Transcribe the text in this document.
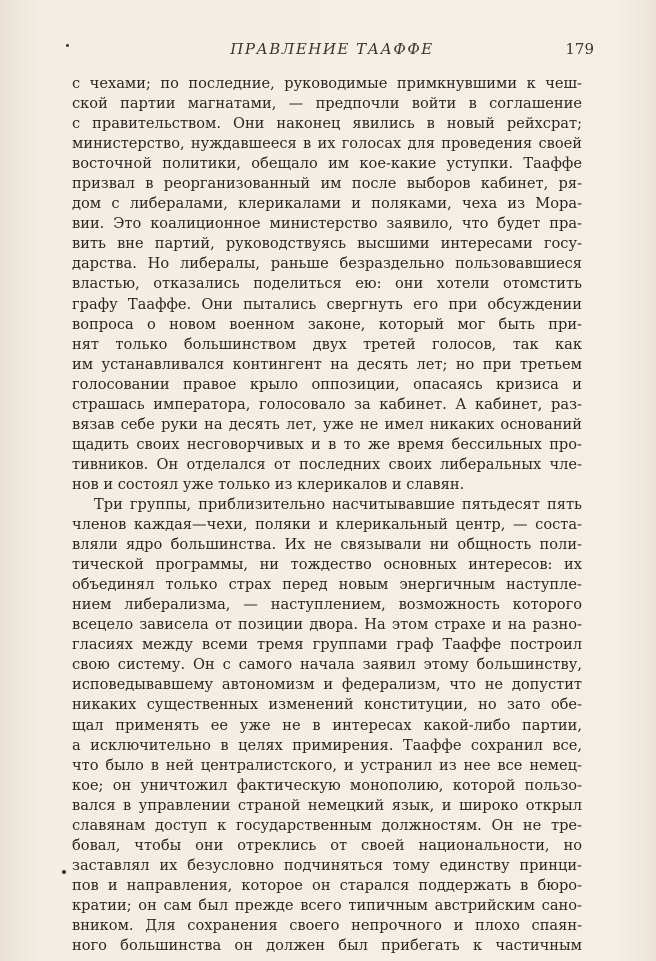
ПРАВЛЕНИЕ ТААФФЕ	179
с чехами; по последние, руководимые примкнувшими к чеш-
ской партии магнатами, — предпочли войти в соглашение
с правительством. Они наконец явились в новый рейхсрат;
министерство, нуждавшееся в их голосах для проведения своей
восточной политики, обещало им кое-какие уступки. Тааффе
призвал в реорганизованный им после выборов кабинет, ря-
дом с либералами, клерикалами и поляками, чеха из Мора-
вии. Это коалиционное министерство заявило, что будет пра-
вить вне партий, руководствуясь высшими интересами госу-
дарства. Но либералы, раньше безраздельно пользовавшиеся
властью, отказались поделиться ею: они хотели отомстить
графу Тааффе. Они пытались свергнуть его при обсуждении
вопроса о новом военном законе, который мог быть при-
нят только большинством двух третей голосов, так как
им устанавливался контингент на десять лет; но при третьем
голосовании правое крыло оппозиции, опасаясь кризиса и
страшась императора, голосовало за кабинет. А кабинет, раз-
вязав себе руки на десять лет, уже не имел никаких оснований
щадить своих несговорчивых и в то же время бессильных про-
тивников. Он отделался от последних своих либеральных чле-
нов и состоял уже только из клерикалов и славян.
Три группы, приблизительно насчитывавшие пятьдесят пять
членов каждая—чехи, поляки и клерикальный центр, — соста-
вляли ядро большинства. Их не связывали ни общность поли-
тической программы, ни тождество основных интересов: их
объединял только страх перед новым энергичным наступле-
нием либерализма, — наступлением, возможность которого
всецело зависела от позиции двора. На этом страхе и на разно-
гласиях между всеми тремя группами граф Тааффе построил
свою систему. Он с самого начала заявил этому большинству,
исповедывавшему автономизм и федерализм, что не допустит
никаких существенных изменений конституции, но зато обе-
щал применять ее уже не в интересах какой-либо партии,
а исключительно в целях примирения. Тааффе сохранил все,
что было в ней централистского, и устранил из нее все немец-
кое; он уничтожил фактическую монополию, которой пользо-
вался в управлении страной немецкий язык, и широко открыл
славянам доступ к государственным должностям. Он не тре-
бовал, чтобы они отреклись от своей национальности, но
заставлял их безусловно подчиняться тому единству принци-
пов и направления, которое он старался поддержать в бюро-
кратии; он сам был прежде всего типичным австрийским сано-
вником. Для сохранения своего непрочного и плохо спаян-
ного большинства он должен был прибегать к частичным
